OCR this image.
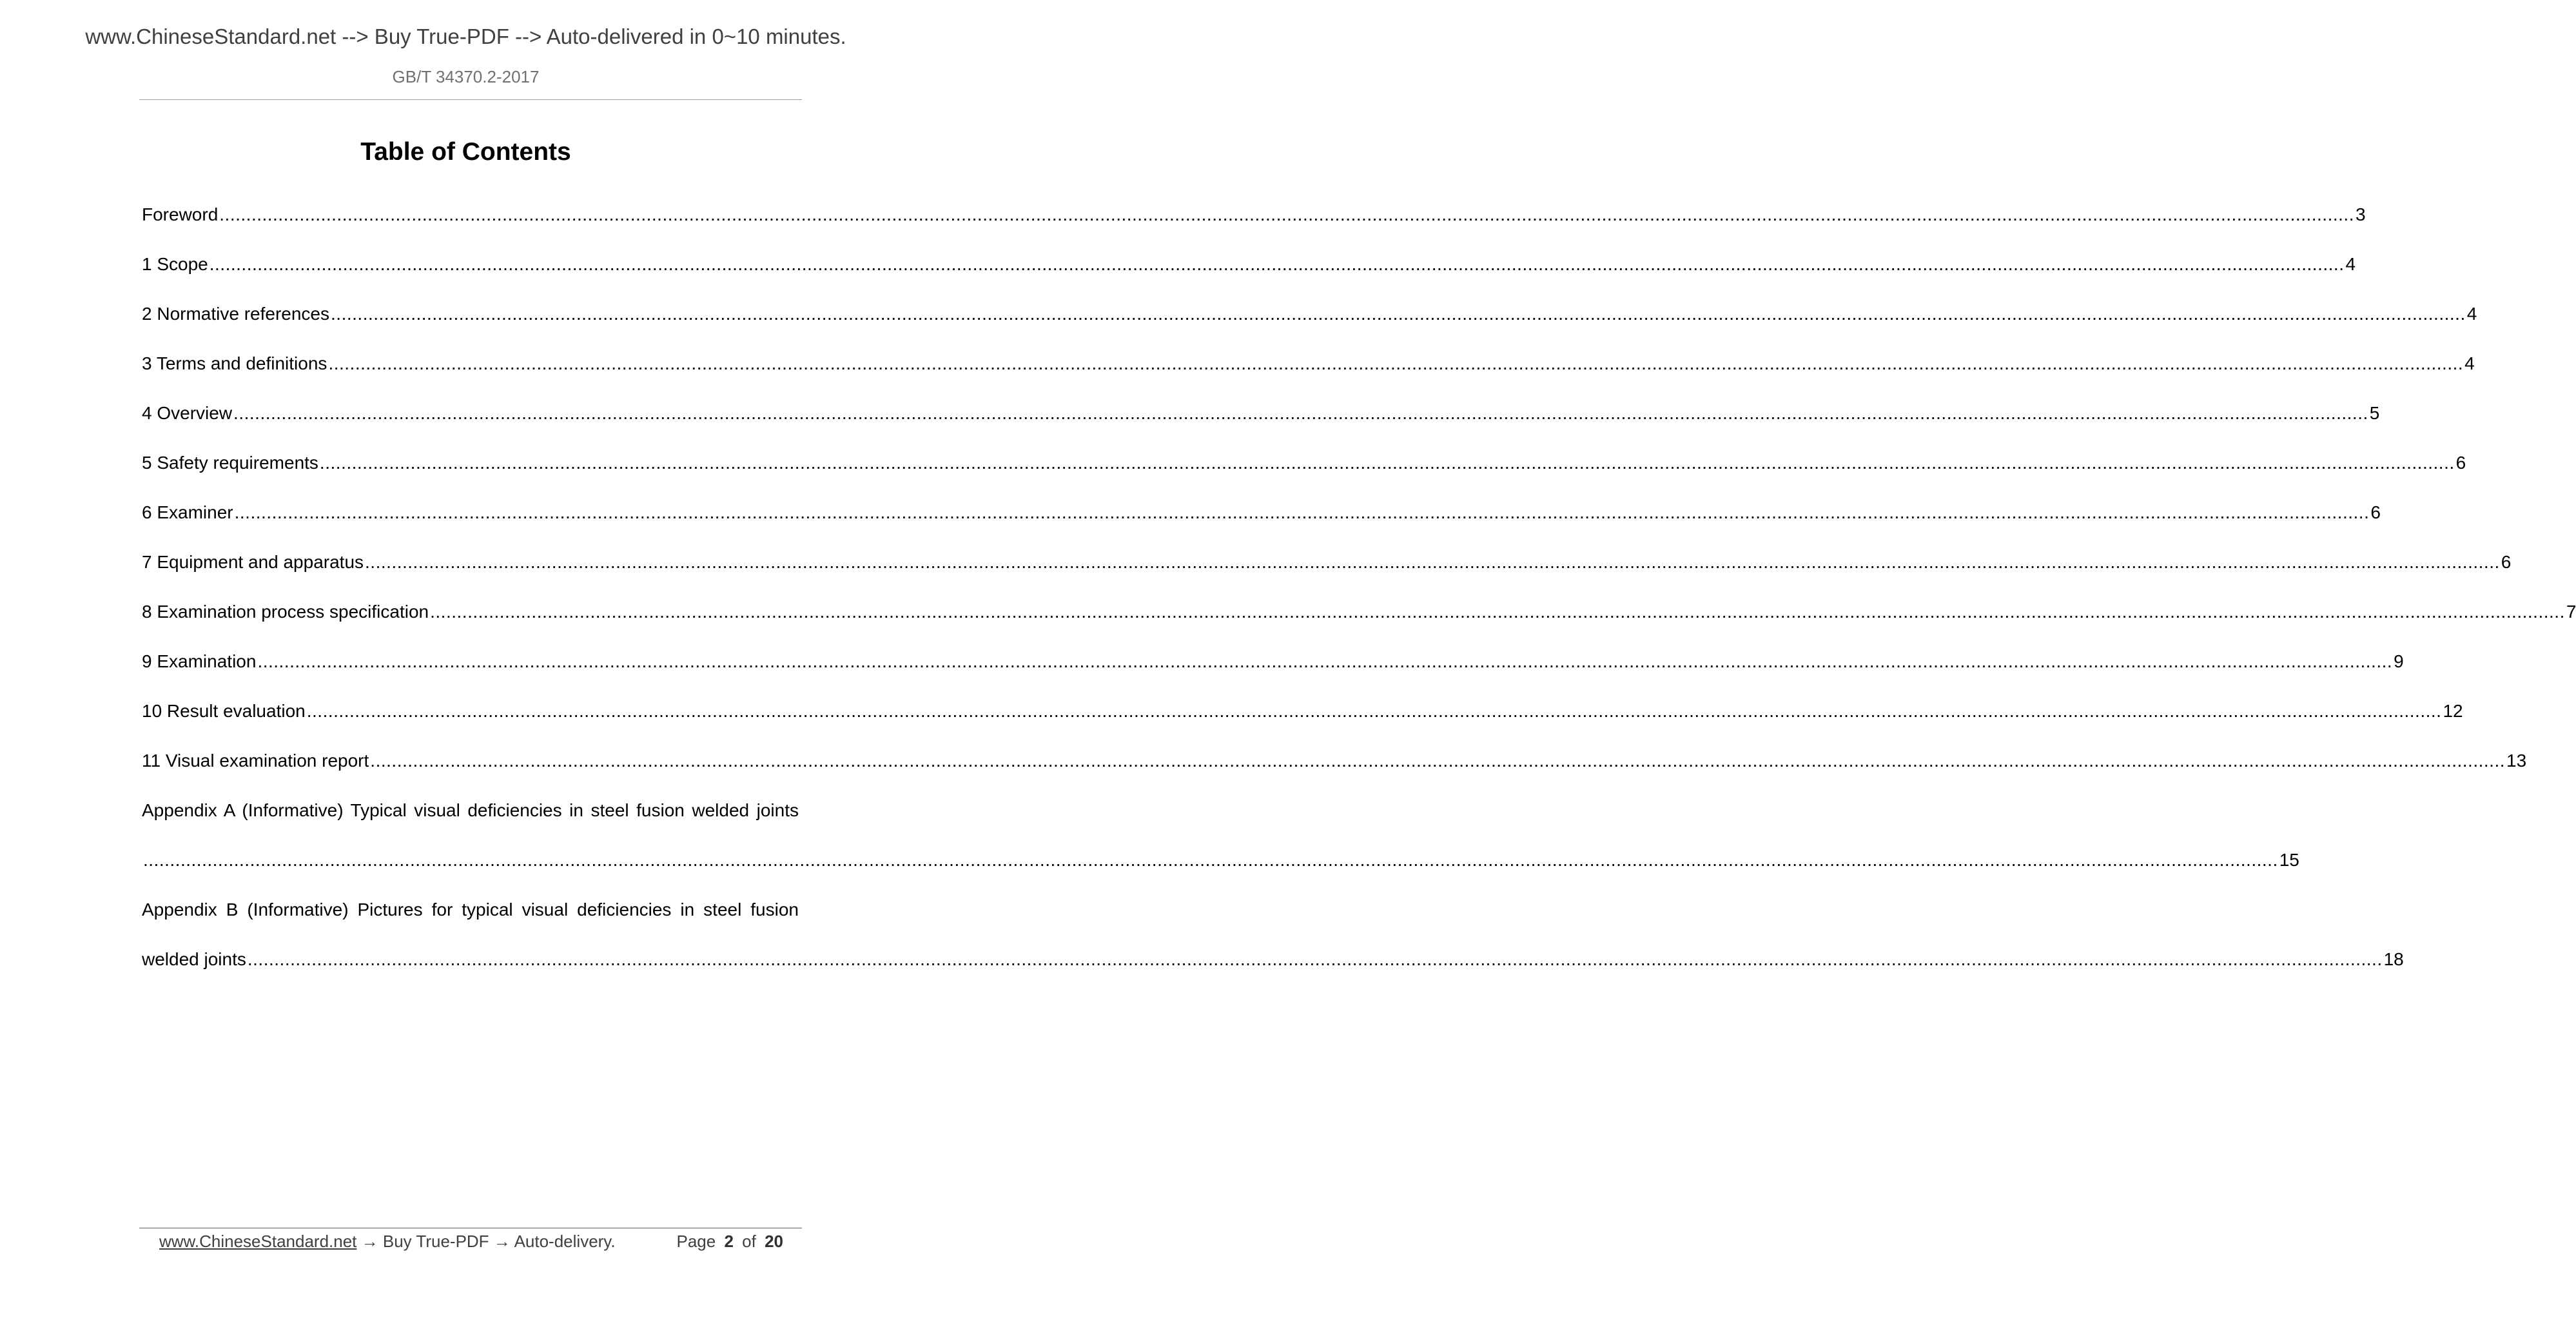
www.ChineseStandard.net --> Buy True-PDF --> Auto-delivered in 0~10 minutes.
GB/T 34370.2-2017
Table of Contents
Foreword ................................................................................................................................................................................................................................................................................................................................................................................................................ 3
1 Scope ................................................................................................................................................................................................................................................................................................................................................................................................................ 4
2 Normative references ................................................................................................................................................................................................................................................................................................................................................................................................................ 4
3 Terms and definitions ................................................................................................................................................................................................................................................................................................................................................................................................................ 4
4 Overview ................................................................................................................................................................................................................................................................................................................................................................................................................ 5
5 Safety requirements ................................................................................................................................................................................................................................................................................................................................................................................................................ 6
6 Examiner ................................................................................................................................................................................................................................................................................................................................................................................................................ 6
7 Equipment and apparatus ................................................................................................................................................................................................................................................................................................................................................................................................................ 6
8 Examination process specification ................................................................................................................................................................................................................................................................................................................................................................................................................ 7
9 Examination ................................................................................................................................................................................................................................................................................................................................................................................................................ 9
10 Result evaluation ................................................................................................................................................................................................................................................................................................................................................................................................................ 12
11 Visual examination report ................................................................................................................................................................................................................................................................................................................................................................................................................ 13
Appendix A (Informative) Typical visual deficiencies in steel fusion welded joints
................................................................................................................................................................................................................................................................................................................................................................................................................ 15
Appendix B (Informative) Pictures for typical visual deficiencies in steel fusion
welded joints ................................................................................................................................................................................................................................................................................................................................................................................................................ 18
www.ChineseStandard.net → Buy True-PDF → Auto-delivery.	Page 2 of 20
